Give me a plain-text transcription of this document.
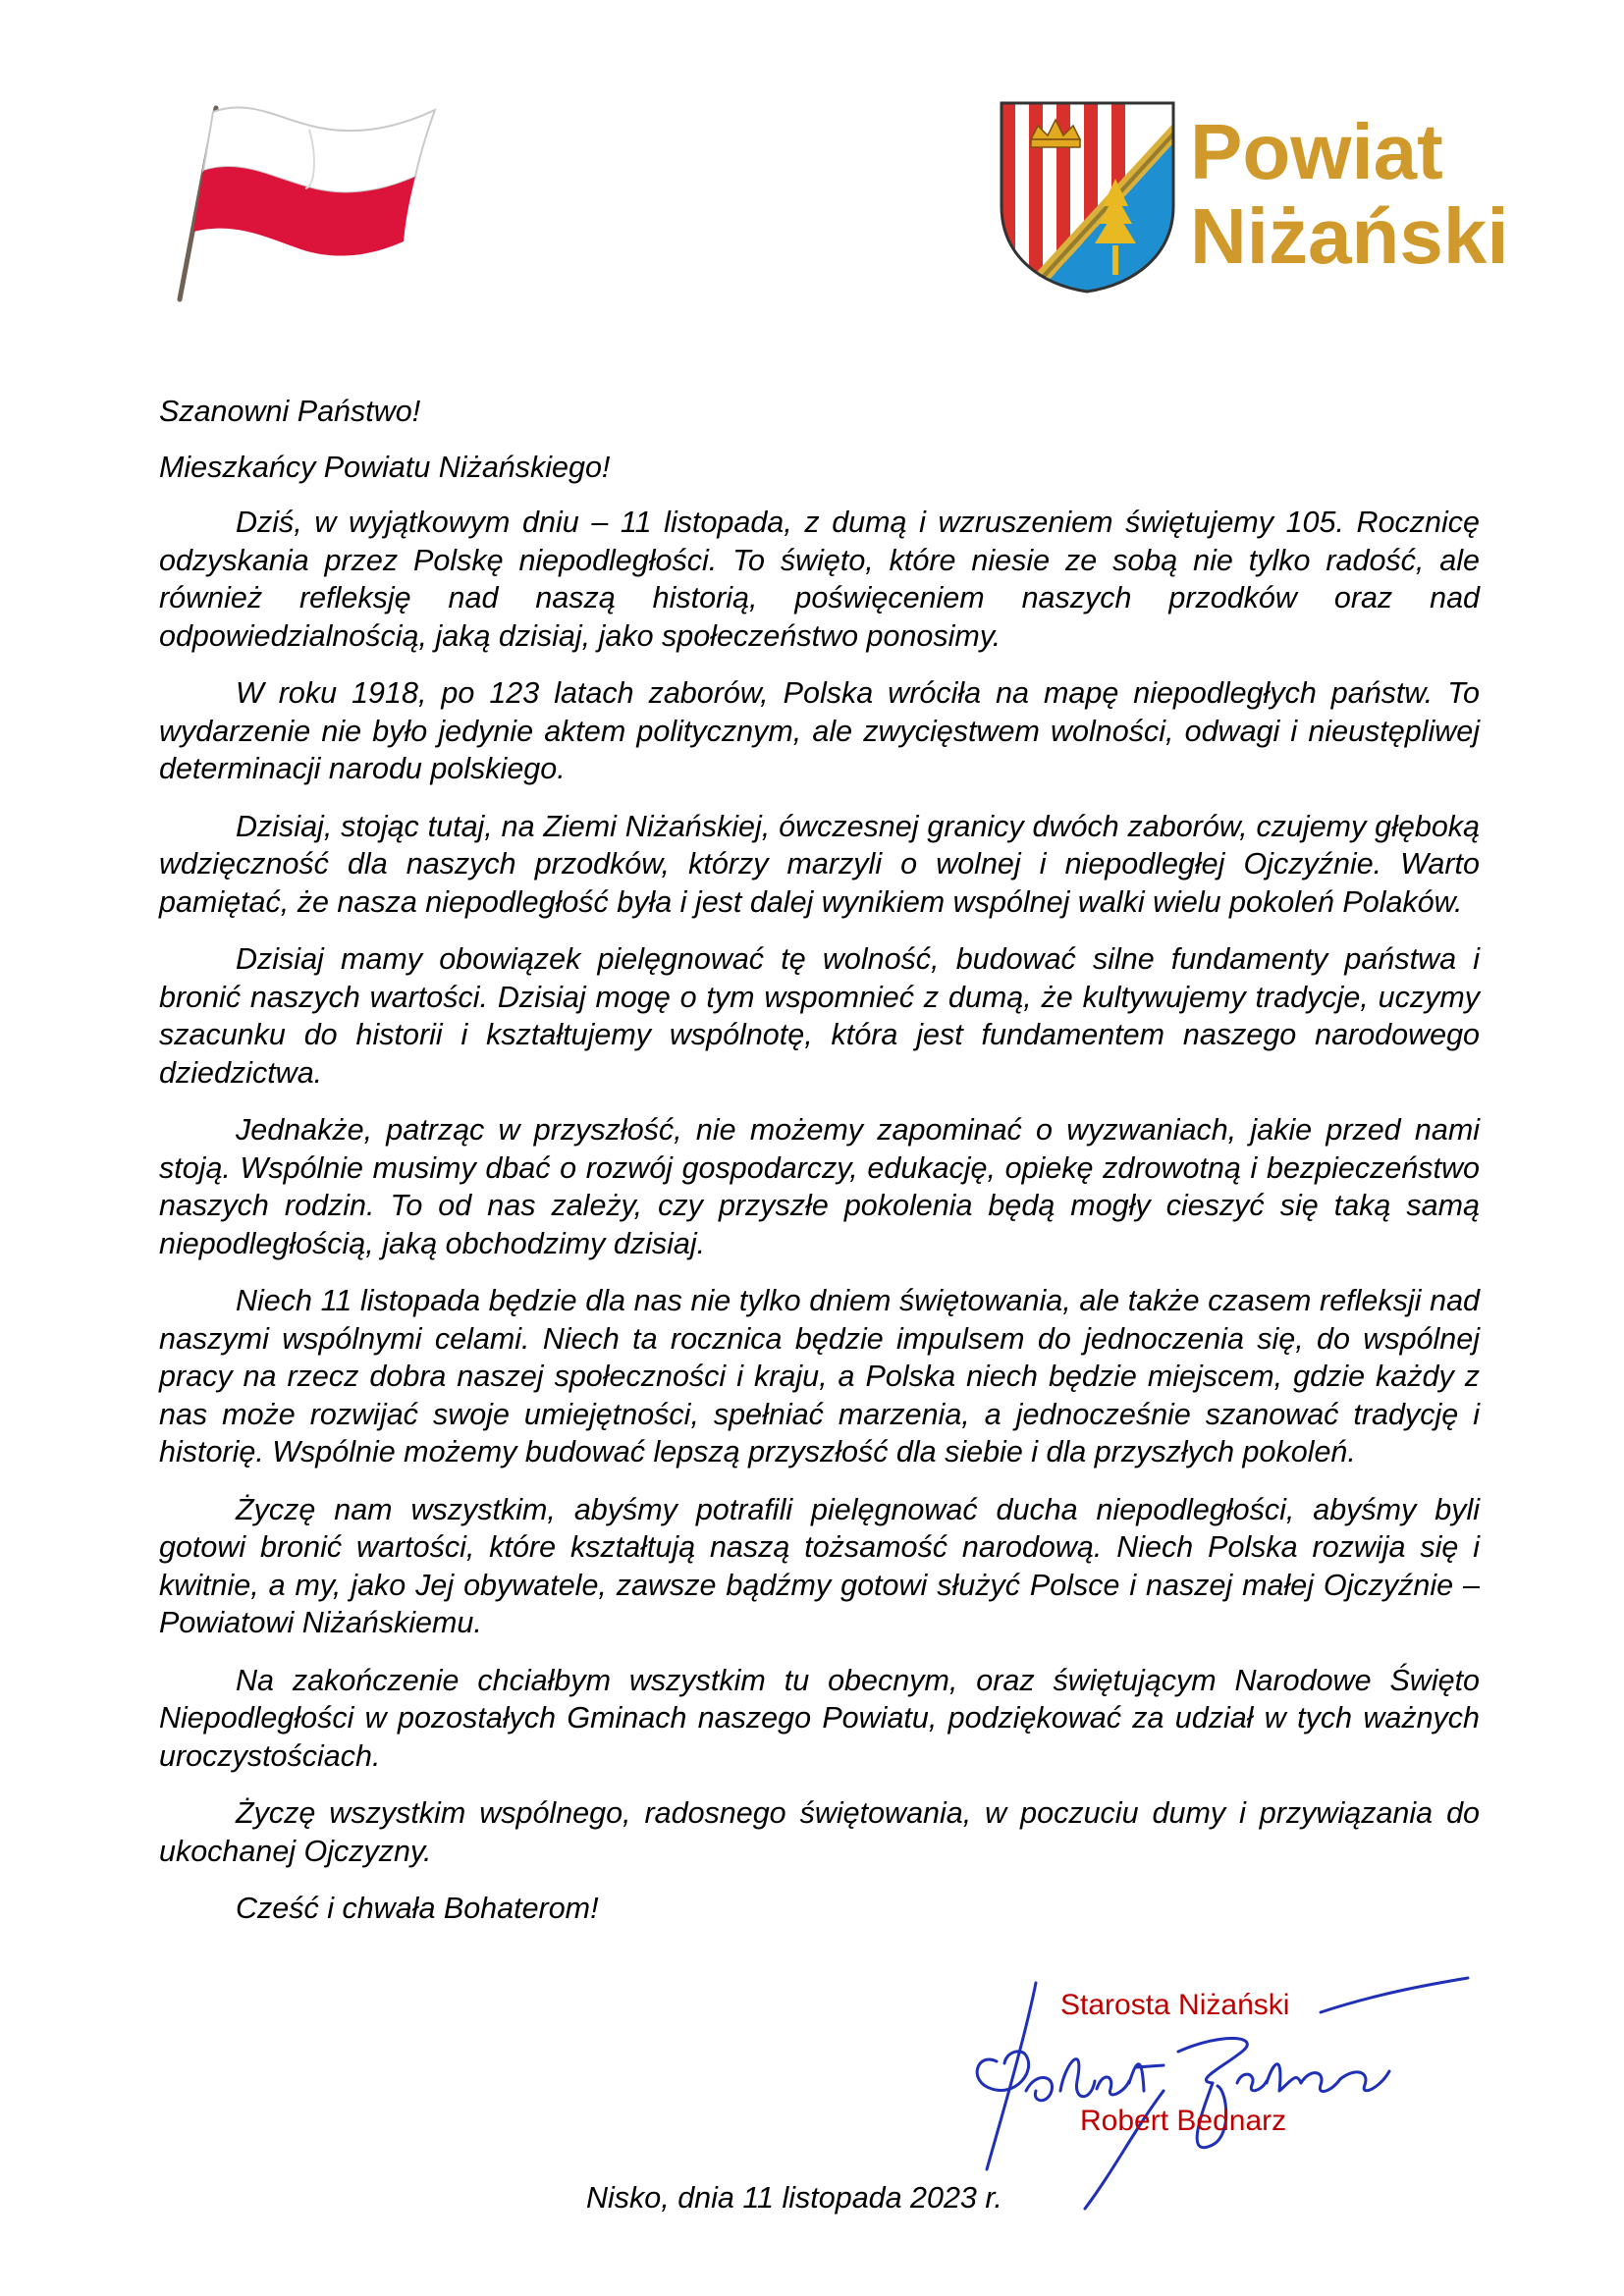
Powiat
Niżański

Szanowni Państwo!

Mieszkańcy Powiatu Niżańskiego!

Dziś, w wyjątkowym dniu – 11 listopada, z dumą i wzruszeniem świętujemy 105. Rocznicę odzyskania przez Polskę niepodległości. To święto, które niesie ze sobą nie tylko radość, ale również refleksję nad naszą historią, poświęceniem naszych przodków oraz nad odpowiedzialnością, jaką dzisiaj, jako społeczeństwo ponosimy.

W roku 1918, po 123 latach zaborów, Polska wróciła na mapę niepodległych państw. To wydarzenie nie było jedynie aktem politycznym, ale zwycięstwem wolności, odwagi i nieustępliwej determinacji narodu polskiego.

Dzisiaj, stojąc tutaj, na Ziemi Niżańskiej, ówczesnej granicy dwóch zaborów, czujemy głęboką wdzięczność dla naszych przodków, którzy marzyli o wolnej i niepodległej Ojczyźnie. Warto pamiętać, że nasza niepodległość była i jest dalej wynikiem wspólnej walki wielu pokoleń Polaków.

Dzisiaj mamy obowiązek pielęgnować tę wolność, budować silne fundamenty państwa i bronić naszych wartości. Dzisiaj mogę o tym wspomnieć z dumą, że kultywujemy tradycje, uczymy szacunku do historii i kształtujemy wspólnotę, która jest fundamentem naszego narodowego dziedzictwa.

Jednakże, patrząc w przyszłość, nie możemy zapominać o wyzwaniach, jakie przed nami stoją. Wspólnie musimy dbać o rozwój gospodarczy, edukację, opiekę zdrowotną i bezpieczeństwo naszych rodzin. To od nas zależy, czy przyszłe pokolenia będą mogły cieszyć się taką samą niepodległością, jaką obchodzimy dzisiaj.

Niech 11 listopada będzie dla nas nie tylko dniem świętowania, ale także czasem refleksji nad naszymi wspólnymi celami. Niech ta rocznica będzie impulsem do jednoczenia się, do wspólnej pracy na rzecz dobra naszej społeczności i kraju, a Polska niech będzie miejscem, gdzie każdy z nas może rozwijać swoje umiejętności, spełniać marzenia, a jednocześnie szanować tradycję i historię. Wspólnie możemy budować lepszą przyszłość dla siebie i dla przyszłych pokoleń.

Życzę nam wszystkim, abyśmy potrafili pielęgnować ducha niepodległości, abyśmy byli gotowi bronić wartości, które kształtują naszą tożsamość narodową. Niech Polska rozwija się i kwitnie, a my, jako Jej obywatele, zawsze bądźmy gotowi służyć Polsce i naszej małej Ojczyźnie – Powiatowi Niżańskiemu.

Na zakończenie chciałbym wszystkim tu obecnym, oraz świętującym Narodowe Święto Niepodległości w pozostałych Gminach naszego Powiatu, podziękować za udział w tych ważnych uroczystościach.

Życzę wszystkim wspólnego, radosnego świętowania, w poczuciu dumy i przywiązania do ukochanej Ojczyzny.

Cześć i chwała Bohaterom!

Starosta Niżański
Robert Bednarz
Nisko, dnia 11 listopada 2023 r.
